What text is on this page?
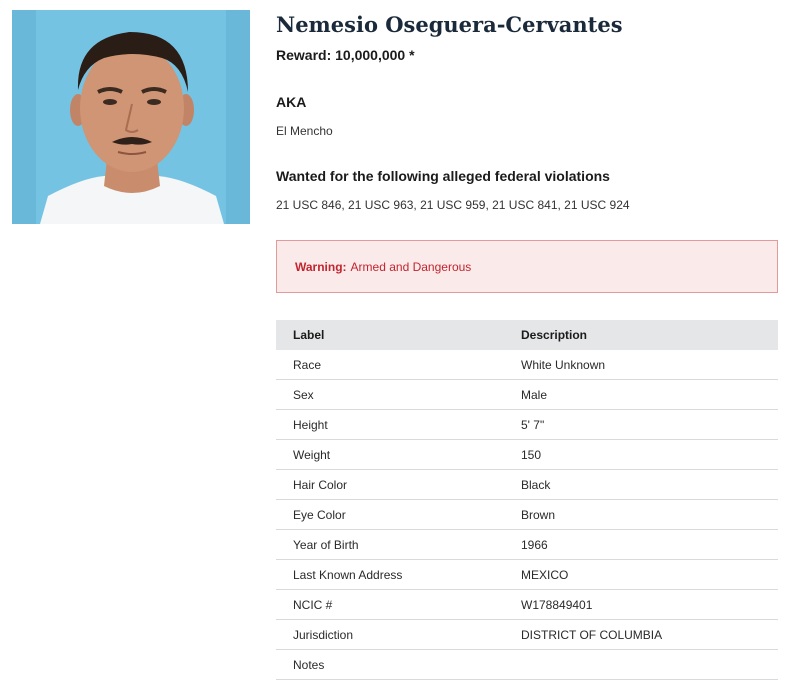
Nemesio Oseguera-Cervantes
Reward: 10,000,000 *
AKA
El Mencho
Wanted for the following alleged federal violations
21 USC 846, 21 USC 963, 21 USC 959, 21 USC 841, 21 USC 924
Warning: Armed and Dangerous
Label	Description
Race	White Unknown
Sex	Male
Height	5' 7"
Weight	150
Hair Color	Black
Eye Color	Brown
Year of Birth	1966
Last Known Address	MEXICO
NCIC #	W178849401
Jurisdiction	DISTRICT OF COLUMBIA
Notes	
